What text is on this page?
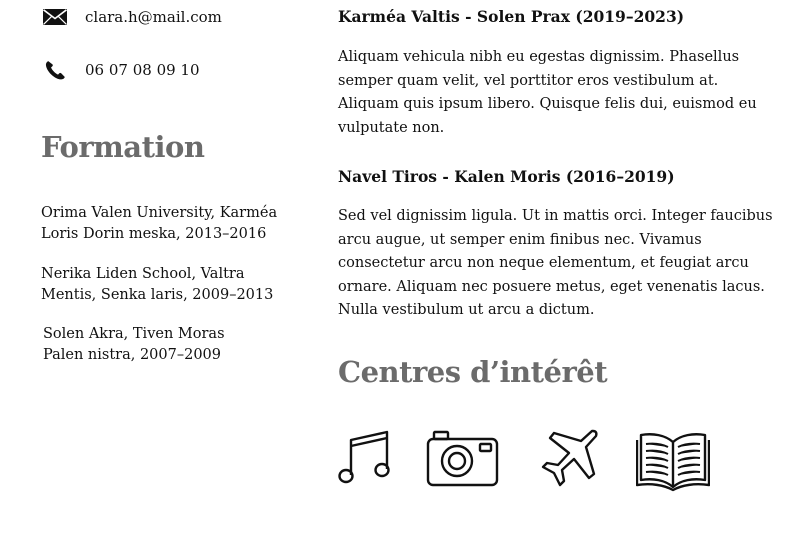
clara.h@mail.com
06 07 08 09 10
Formation
Orima Valen University, Karméa
Loris Dorin meska, 2013–2016
Nerika Liden School, Valtra
Mentis, Senka laris, 2009–2013
Solen Akra, Tiven Moras
Palen nistra, 2007–2009
Karméa Valtis - Solen Prax (2019–2023)
Aliquam vehicula nibh eu egestas dignissim. Phasellus semper quam velit, vel porttitor eros vestibulum at. Aliquam quis ipsum libero. Quisque felis dui, euismod eu vulputate non.
Navel Tiros - Kalen Moris (2016–2019)
Sed vel dignissim ligula. Ut in mattis orci. Integer faucibus arcu augue, ut semper enim finibus nec. Vivamus consectetur arcu non neque elementum, et feugiat arcu ornare. Aliquam nec posuere metus, eget venenatis lacus. Nulla vestibulum ut arcu a dictum.
Centres d’intérêt
